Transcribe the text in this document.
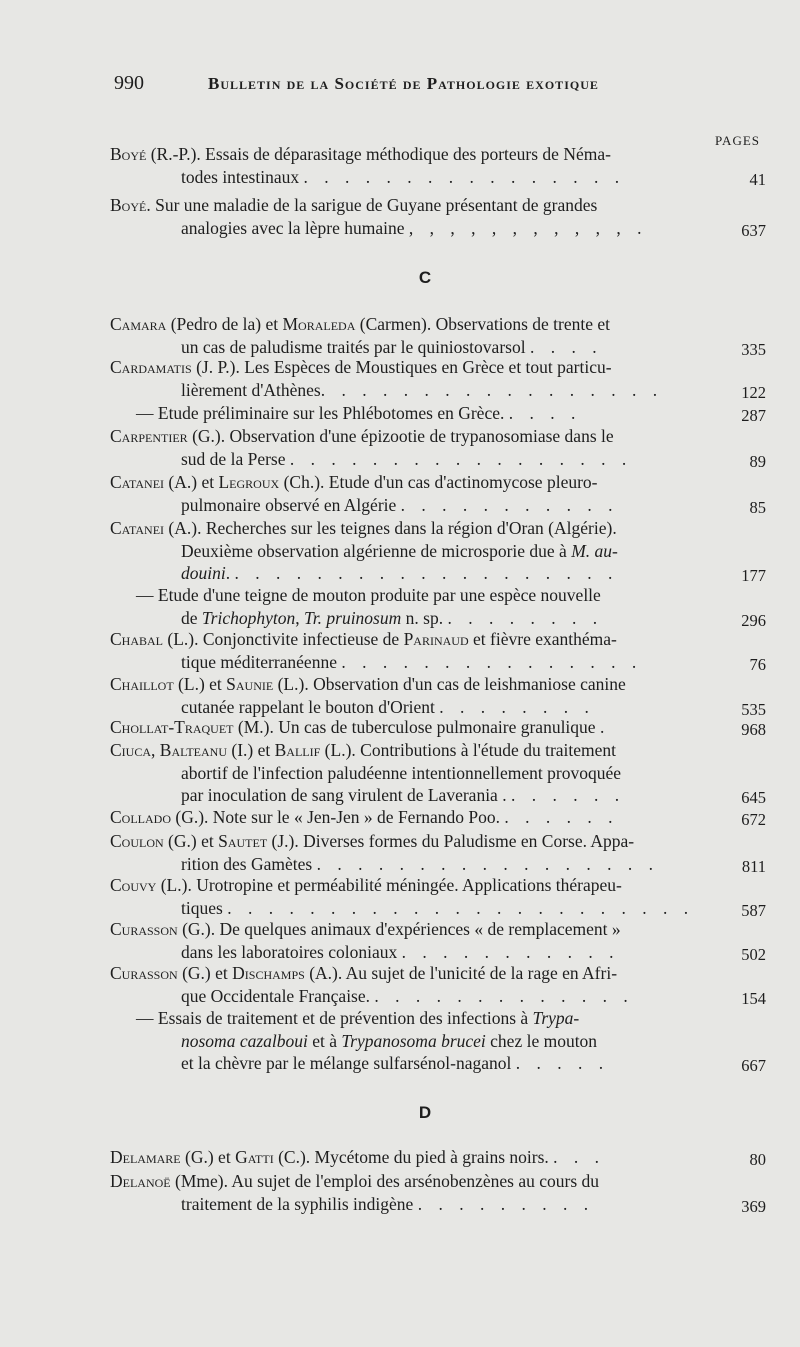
990	Bulletin de la Société de Pathologie exotique
PAGES
Boyé (R.-P.). Essais de déparasitage méthodique des porteurs de Néma-
todes intestinaux . . . . . . . . . . . . . . . .	41
Boyé. Sur une maladie de la sarigue de Guyane présentant de grandes
analogies avec la lèpre humaine , , , , , , , , , , , .	637
C
Camara (Pedro de la) et Moraleda (Carmen). Observations de trente et
un cas de paludisme traités par le quiniostovarsol . . . .	335
Cardamatis (J. P.). Les Espèces de Moustiques en Grèce et tout particu-
lièrement d'Athènes. . . . . . . . . . . . . . . . .	122
— Etude préliminaire sur les Phlébotomes en Grèce. . . . .	287
Carpentier (G.). Observation d'une épizootie de trypanosomiase dans le
sud de la Perse . . . . . . . . . . . . . . . . .	89
Catanei (A.) et Legroux (Ch.). Etude d'un cas d'actinomycose pleuro-
pulmonaire observé en Algérie . . . . . . . . . . .	85
Catanei (A.). Recherches sur les teignes dans la région d'Oran (Algérie).
Deuxième observation algérienne de microsporie due à M. au-
douini. . . . . . . . . . . . . . . . . . . .	177
— Etude d'une teigne de mouton produite par une espèce nouvelle
de Trichophyton, Tr. pruinosum n. sp. . . . . . . . .	296
Chabal (L.). Conjonctivite infectieuse de Parinaud et fièvre exanthéma-
tique méditerranéenne . . . . . . . . . . . . . . .	76
Chaillot (L.) et Saunie (L.). Observation d'un cas de leishmaniose canine
cutanée rappelant le bouton d'Orient . . . . . . . .	535
Chollat-Traquet (M.). Un cas de tuberculose pulmonaire granulique .	968
Ciuca, Balteanu (I.) et Ballif (L.). Contributions à l'étude du traitement
abortif de l'infection paludéenne intentionnellement provoquée
par inoculation de sang virulent de Laverania . . . . . . .	645
Collado (G.). Note sur le « Jen-Jen » de Fernando Poo. . . . . . .	672
Coulon (G.) et Sautet (J.). Diverses formes du Paludisme en Corse. Appa-
rition des Gamètes . . . . . . . . . . . . . . . . .	811
Couvy (L.). Urotropine et perméabilité méningée. Applications thérapeu-
tiques . . . . . . . . . . . . . . . . . . . . . . .	587
Curasson (G.). De quelques animaux d'expériences « de remplacement »
dans les laboratoires coloniaux . . . . . . . . . . .	502
Curasson (G.) et Dischamps (A.). Au sujet de l'unicité de la rage en Afri-
que Occidentale Française. . . . . . . . . . . . . .	154
— Essais de traitement et de prévention des infections à Trypa-
nosoma cazalboui et à Trypanosoma brucei chez le mouton
et la chèvre par le mélange sulfarsénol-naganol . . . . .	667
D
Delamare (G.) et Gatti (C.). Mycétome du pied à grains noirs. . . .	80
Delanoë (Mme). Au sujet de l'emploi des arsénobenzènes au cours du
traitement de la syphilis indigène . . . . . . . . .	369
